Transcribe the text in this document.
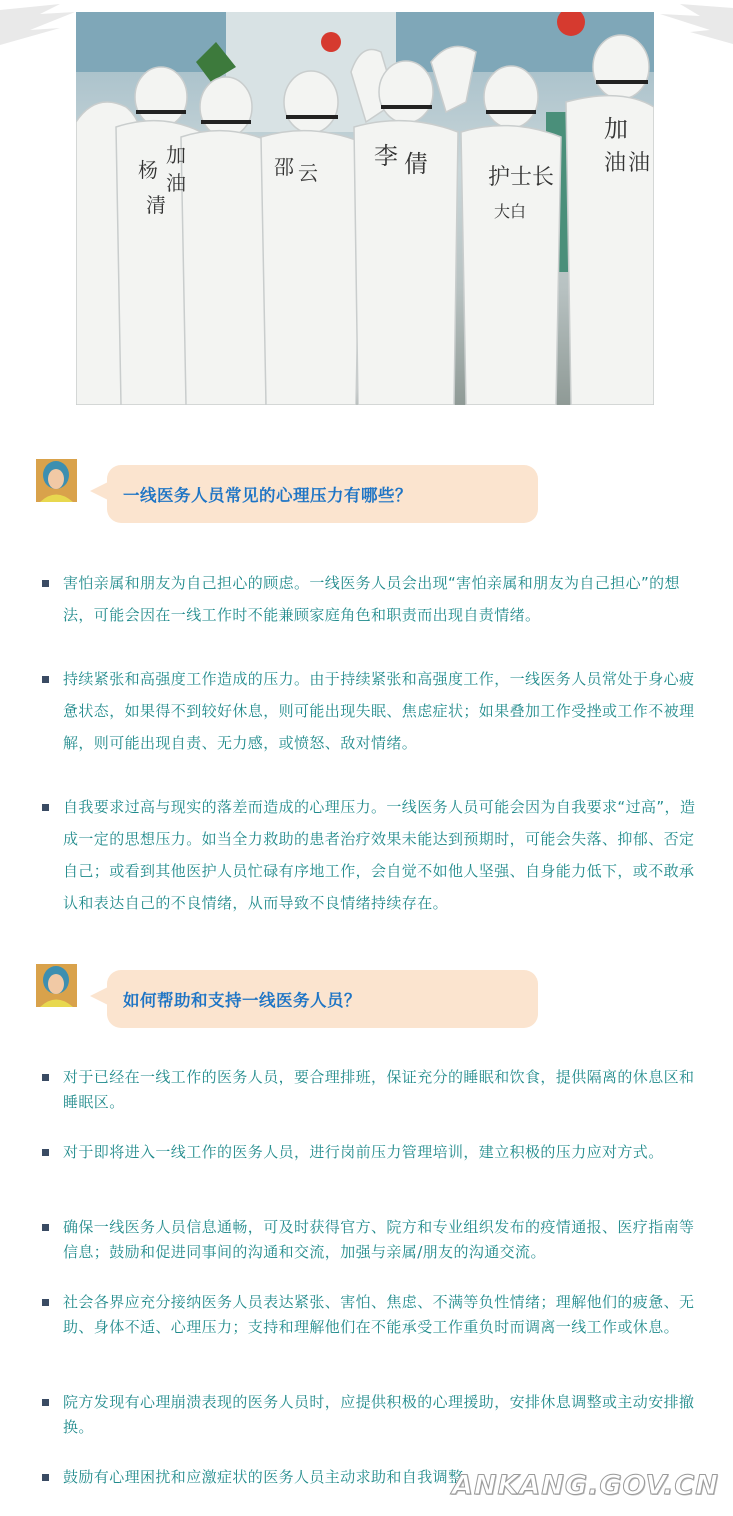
杨
加
油
清
邵 云
李 倩	护士长
大白
加
油 油
一线医务人员常见的心理压力有哪些？
害怕亲属和朋友为自己担心的顾虑。一线医务人员会出现“害怕亲属和朋友为自己担心”的想法，可能会因在一线工作时不能兼顾家庭角色和职责而出现自责情绪。
持续紧张和高强度工作造成的压力。由于持续紧张和高强度工作，一线医务人员常处于身心疲惫状态，如果得不到较好休息，则可能出现失眠、焦虑症状；如果叠加工作受挫或工作不被理解，则可能出现自责、无力感，或愤怒、敌对情绪。
自我要求过高与现实的落差而造成的心理压力。一线医务人员可能会因为自我要求“过高”，造成一定的思想压力。如当全力救助的患者治疗效果未能达到预期时，可能会失落、抑郁、否定自己；或看到其他医护人员忙碌有序地工作，会自觉不如他人坚强、自身能力低下，或不敢承认和表达自己的不良情绪，从而导致不良情绪持续存在。
如何帮助和支持一线医务人员？
对于已经在一线工作的医务人员，要合理排班，保证充分的睡眠和饮食，提供隔离的休息区和睡眠区。
对于即将进入一线工作的医务人员，进行岗前压力管理培训，建立积极的压力应对方式。
确保一线医务人员信息通畅，可及时获得官方、院方和专业组织发布的疫情通报、医疗指南等信息；鼓励和促进同事间的沟通和交流，加强与亲属/朋友的沟通交流。
社会各界应充分接纳医务人员表达紧张、害怕、焦虑、不满等负性情绪；理解他们的疲惫、无助、身体不适、心理压力；支持和理解他们在不能承受工作重负时而调离一线工作或休息。
院方发现有心理崩溃表现的医务人员时，应提供积极的心理援助，安排休息调整或主动安排撤换。
鼓励有心理困扰和应激症状的医务人员主动求助和自我调整。
ANKANG.GOV.CN
